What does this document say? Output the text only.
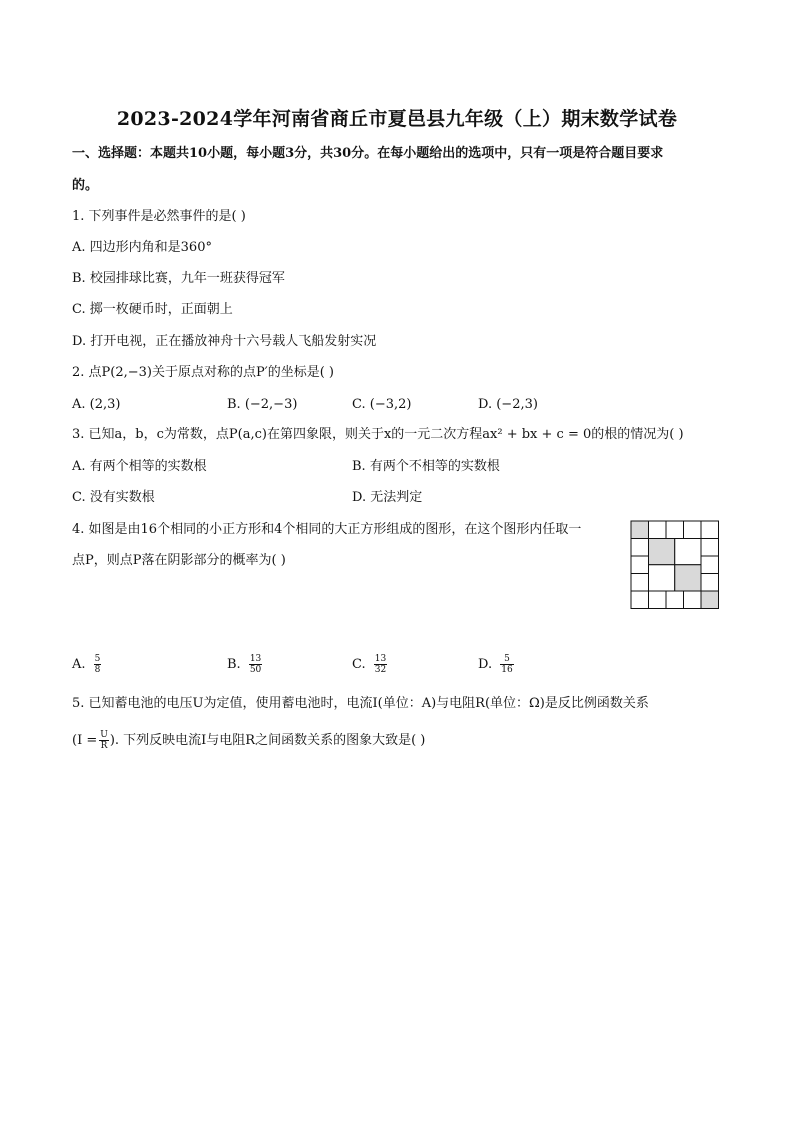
2023-2024学年河南省商丘市夏邑县九年级（上）期末数学试卷
一、选择题：本题共10小题，每小题3分，共30分。在每小题给出的选项中，只有一项是符合题目要求
的。
1. 下列事件是必然事件的是( )
A. 四边形内角和是360°
B. 校园排球比赛，九年一班获得冠军
C. 掷一枚硬币时，正面朝上
D. 打开电视，正在播放神舟十六号载人飞船发射实况
2. 点P(2,−3)关于原点对称的点P′的坐标是( )
A. (2,3)	B. (−2,−3)	C. (−3,2)	D. (−2,3)
3. 已知a，b，c为常数，点P(a,c)在第四象限，则关于x的一元二次方程ax² + bx + c = 0的根的情况为( )
A. 有两个相等的实数根	B. 有两个不相等的实数根
C. 没有实数根	D. 无法判定
4. 如图是由16个相同的小正方形和4个相同的大正方形组成的图形，在这个图形内任取一
点P，则点P落在阴影部分的概率为( )
A. $\frac{5}{8}$	B. $\frac{13}{50}$	C. $\frac{13}{32}$	D. $\frac{5}{16}$
5. 已知蓄电池的电压U为定值，使用蓄电池时，电流I(单位：A)与电阻R(单位：Ω)是反比例函数关系
($I = \frac{U}{R}$ ). 下列反映电流I与电阻R之间函数关系的图象大致是( )
